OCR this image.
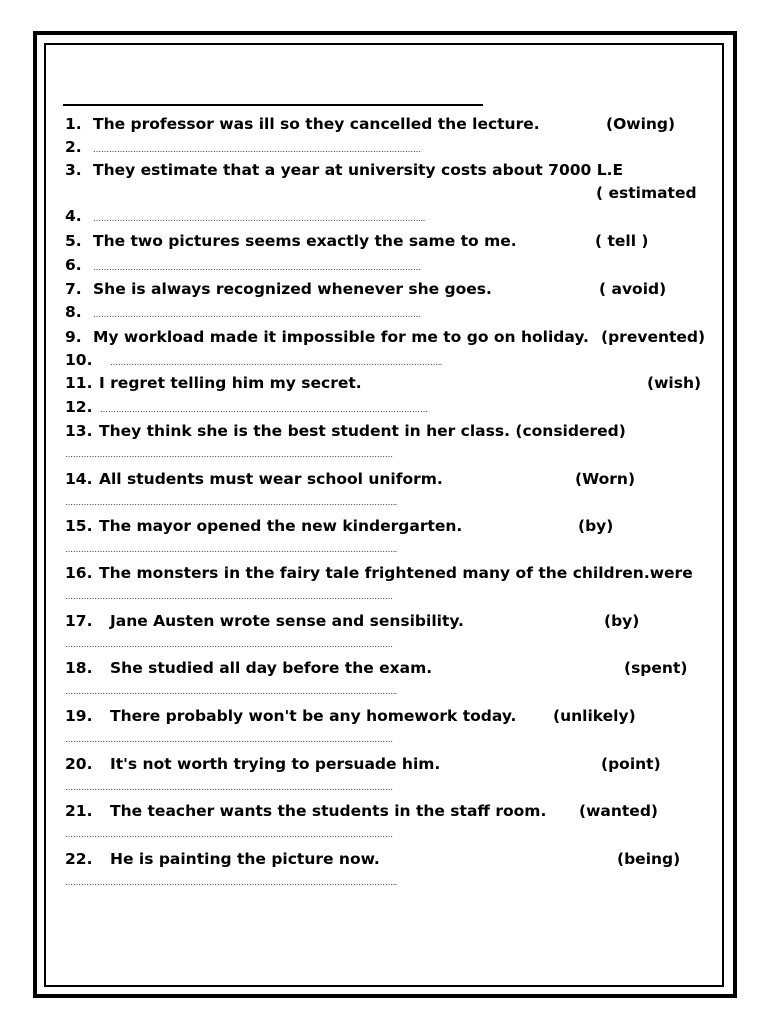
1. The professor was ill so they cancelled the lecture.	(Owing)
2. ……………………………………………………………………………………………………………
3. They estimate that a year at university costs about 7000 L.E
( estimated
4. ……………………………………………………………………………………………………………..
5. The two pictures seems exactly the same to me.	( tell )
6. ……………………………………………………………………………………………………………
7. She is always recognized whenever she goes.	( avoid)
8. ……………………………………………………………………………………………………………
9. My workload made it impossible for me to go on holiday. (prevented)
10. ……………………………………………………………………………………………………………..
11. I regret telling him my secret.	(wish)
12. ……………………………………………………………………………………………………………
13. They think she is the best student in her class. (considered)
……………………………………………………………………………………………………………
14. All students must wear school uniform.	(Worn)
……………………………………………………………………………………………………………..
15. The mayor opened the new kindergarten.	(by)
……………………………………………………………………………………………………………..
16. The monsters in the fairy tale frightened many of the children.were
……………………………………………………………………………………………………………
17. Jane Austen wrote sense and sensibility.	(by)
……………………………………………………………………………………………………………
18. She studied all day before the exam.	(spent)
……………………………………………………………………………………………………………..
19. There probably won't be any homework today. (unlikely)
……………………………………………………………………………………………………………
20. It's not worth trying to persuade him.	(point)
……………………………………………………………………………………………………………
21. The teacher wants the students in the staff room. (wanted)
……………………………………………………………………………………………………………
22. He is painting the picture now.	(being)
……………………………………………………………………………………………………………..
